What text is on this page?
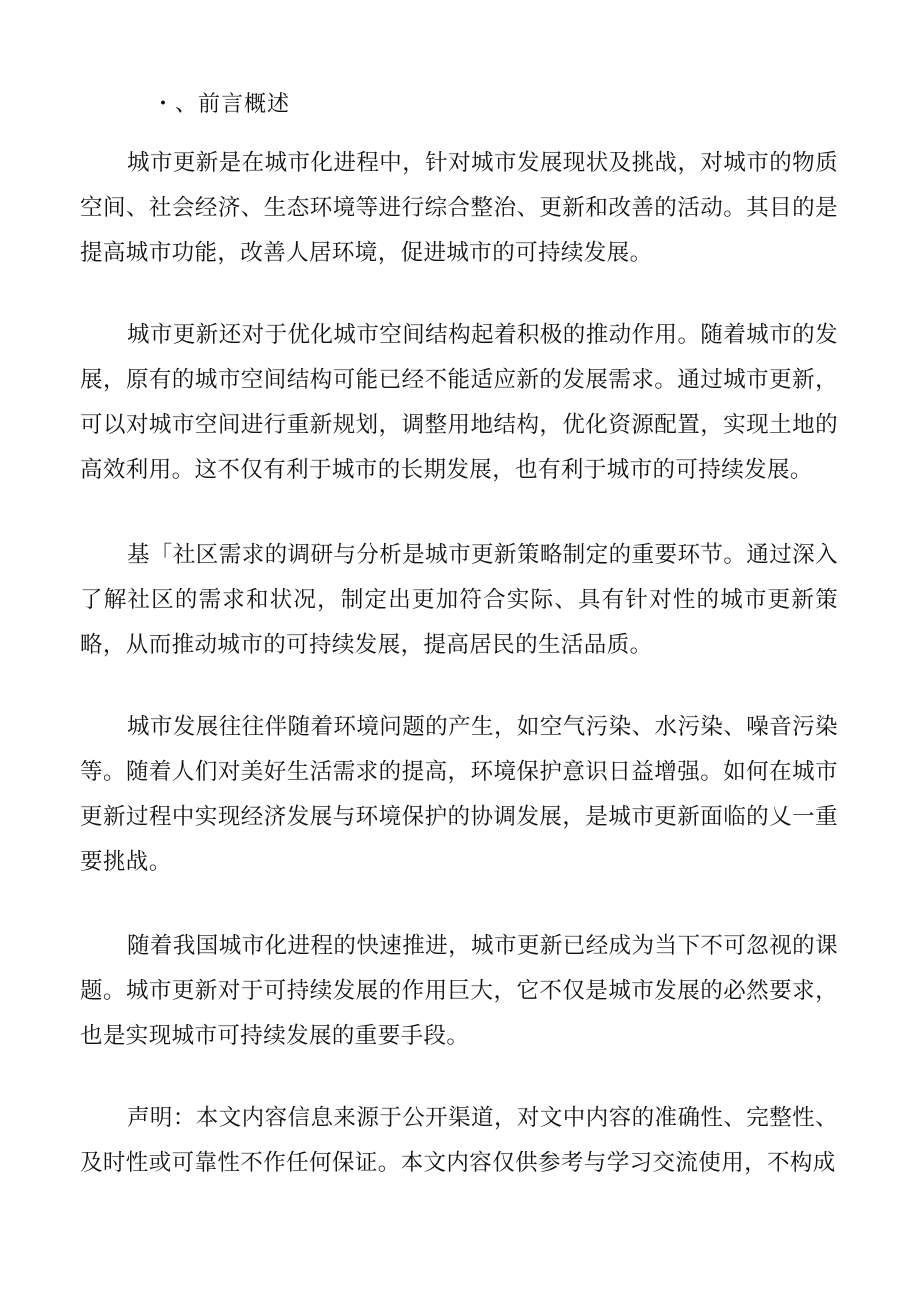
・、前言概述

城市更新是在城市化进程中，针对城市发展现状及挑战，对城市的物质空间、社会经济、生态环境等进行综合整治、更新和改善的活动。其目的是提高城市功能，改善人居环境，促进城市的可持续发展。

城市更新还对于优化城市空间结构起着积极的推动作用。随着城市的发展，原有的城市空间结构可能已经不能适应新的发展需求。通过城市更新，可以对城市空间进行重新规划，调整用地结构，优化资源配置，实现土地的高效利用。这不仅有利于城市的长期发展，也有利于城市的可持续发展。

基「社区需求的调研与分析是城市更新策略制定的重要环节。通过深入了解社区的需求和状况，制定出更加符合实际、具有针对性的城市更新策略，从而推动城市的可持续发展，提高居民的生活品质。

城市发展往往伴随着环境问题的产生，如空气污染、水污染、噪音污染等。随着人们对美好生活需求的提高，环境保护意识日益增强。如何在城市更新过程中实现经济发展与环境保护的协调发展，是城市更新面临的乂一重要挑战。

随着我国城市化进程的快速推进，城市更新已经成为当下不可忽视的课题。城市更新对于可持续发展的作用巨大，它不仅是城市发展的必然要求，也是实现城市可持续发展的重要手段。

声明：本文内容信息来源于公开渠道，对文中内容的准确性、完整性、及时性或可靠性不作任何保证。本文内容仅供参考与学习交流使用，不构成
